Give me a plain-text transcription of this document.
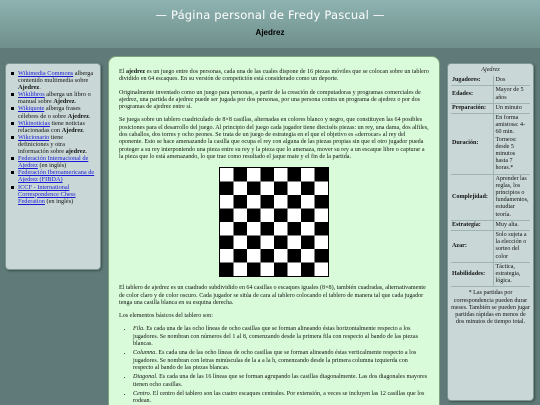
— Página personal de Fredy Pascual —
Ajedrez
Wikimedia Commons alberga contenido multimedia sobre Ajedrez.
Wikilibros alberga un libro o manual sobre Ajedrez.
Wikiquote alberga frases célebres de o sobre Ajedrez.
Wikinoticias tiene noticias relacionadas con Ajedrez.
Wikcionario tiene definiciones y otra información sobre ajedrez.
Federación Internacional de Ajedrez (en inglés)
Federación Iberoamericana de Ajedrez (FIBDA)
ICCF - International Correspondence Chess Federation (en inglés)

El ajedrez es un juego entre dos personas, cada una de las cuales dispone de 16 piezas móviles que se colocan sobre un tablero dividido en 64 escaques. En su versión de competición está considerado como un deporte.

Originalmente inventado como un juego para personas, a partir de la creación de computadoras y programas comerciales de ajedrez, una partida de ajedrez puede ser jugada por dos personas, por una persona contra un programa de ajedrez o por dos programas de ajedrez entre sí.

Se juega sobre un tablero cuadriculado de 8×8 casillas, alternadas en colores blanco y negro, que constituyen las 64 posibles posiciones para el desarrollo del juego. Al principio del juego cada jugador tiene dieciséis piezas: un rey, una dama, dos alfiles, dos caballos, dos torres y ocho peones. Se trata de un juego de estrategia en el que el objetivo es «derrocar» al rey del oponente. Esto se hace amenazando la casilla que ocupa el rey con alguna de las piezas propias sin que el otro jugador pueda proteger a su rey interponiendo una pieza entre su rey y la pieza que lo amenaza, mover su rey a un escaque libre o capturar a la pieza que lo está amenazando, lo que trae como resultado el jaque mate y el fin de la partida.

El tablero de ajedrez es un cuadrado subdividido en 64 casillas o escaques iguales (8×8), también cuadradas, alternativamente de color claro y de color oscuro. Cada jugador se sitúa de cara al tablero colocando el tablero de manera tal que cada jugador tenga una casilla blanca en su esquina derecha.

Los elementos básicos del tablero son:

• Fila. Es cada una de las ocho líneas de ocho casillas que se forman alineando éstas horizontalmente respecto a los jugadores. Se nombran con números del 1 al 8, comenzando desde la primera fila con respecto al bando de las piezas blancas.
• Columna. Es cada una de las ocho líneas de ocho casillas que se forman alineando éstas verticalmente respecto a los jugadores. Se nombran con letras minúsculas de la a a la h, comenzando desde la primera columna izquierda con respecto al bando de las piezas blancas.
• Diagonal. Es cada una de las 16 líneas que se forman agrupando las casillas diagonalmente. Las dos diagonales mayores tienen ocho casillas.
• Centro. El centro del tablero son las cuatro escaques centrales. Por extensión, a veces se incluyen las 12 casillas que los rodean.
Ajedrez
Jugadores:	Dos
Edades:	Mayor de 5 años
Preparación:	Un minuto
Duración:	En forma amistosa: 4-60 min. Torneos: desde 5 minutos hasta 7 horas.*
Complejidad:	Aprender las reglas, los principios o fundamentos, estudiar teoría.
Estrategia:	Muy alta.
Azar:	Solo sujeta a la elección o sorteo del color
Habilidades:	Táctica, estrategia, lógica.
* Las partidas por correspondencia pueden durar meses. También se pueden jugar partidas rápidas en menos de dos minutos de tiempo total.
